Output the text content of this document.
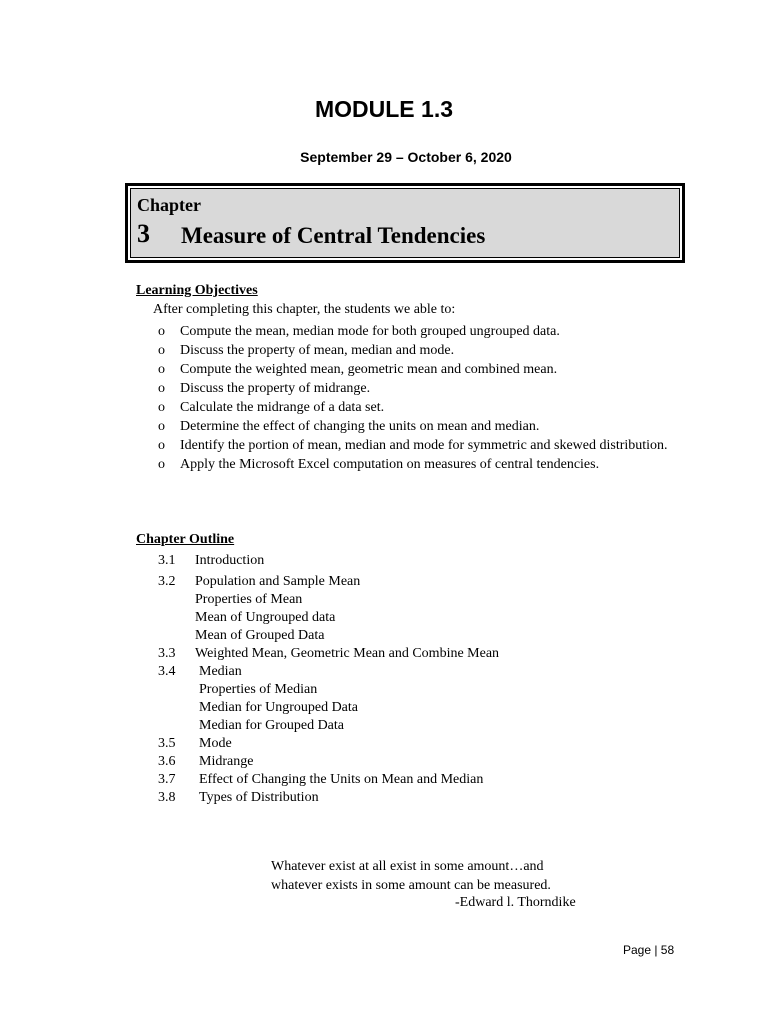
MODULE 1.3
September 29 – October 6, 2020
Chapter
3 Measure of Central Tendencies
Learning Objectives
After completing this chapter, the students we able to:
o Compute the mean, median mode for both grouped ungrouped data.
o Discuss the property of mean, median and mode.
o Compute the weighted mean, geometric mean and combined mean.
o Discuss the property of midrange.
o Calculate the midrange of a data set.
o Determine the effect of changing the units on mean and median.
o Identify the portion of mean, median and mode for symmetric and skewed distribution.
o Apply the Microsoft Excel computation on measures of central tendencies.
Chapter Outline
3.1 Introduction
3.2 Population and Sample Mean
Properties of Mean
Mean of Ungrouped data
Mean of Grouped Data
3.3 Weighted Mean, Geometric Mean and Combine Mean
3.4 Median
Properties of Median
Median for Ungrouped Data
Median for Grouped Data
3.5 Mode
3.6 Midrange
3.7 Effect of Changing the Units on Mean and Median
3.8 Types of Distribution
Whatever exist at all exist in some amount…and
whatever exists in some amount can be measured.
-Edward l. Thorndike
Page | 58
